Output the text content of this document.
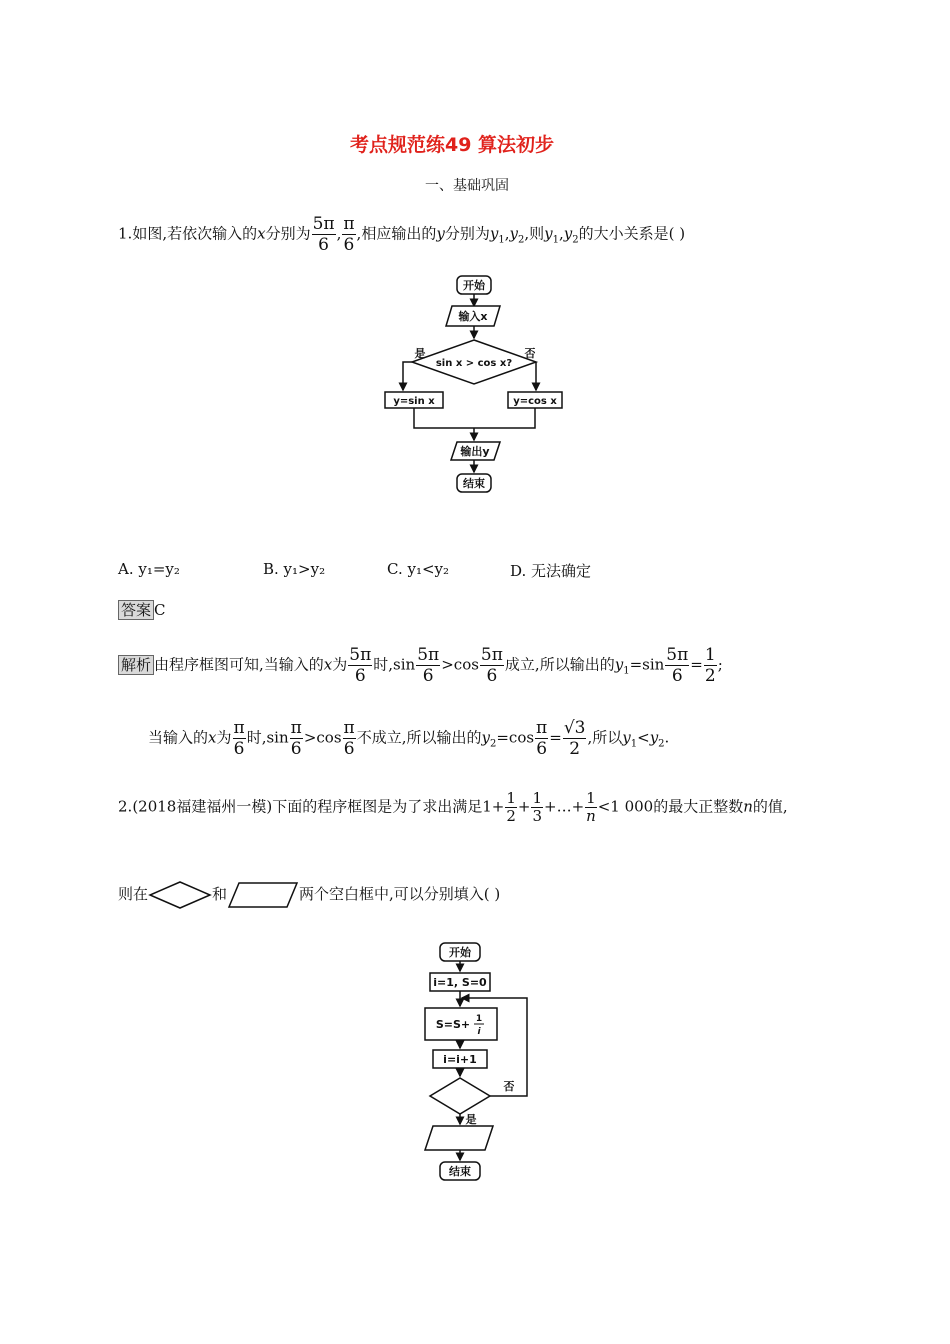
考点规范练49 算法初步
一、基础巩固
1.如图,若依次输入的x分别为 $\frac{5\pi}{6}$ , $\frac{\pi}{6}$ ,相应输出的y分别为$y_1,y_2$,则$y_1,y_2$的大小关系是( )
开始
输入x
sin x > cos x?
是	否
y=sin x	y=cos x
输出y
结束
A. y₁=y₂	B. y₁>y₂	C. y₁<y₂	D. 无法确定
答案 C
解析 由程序框图可知,当输入的x为 $\frac{5\pi}{6}$ 时$,\sin \frac{5\pi}{6} >\cos \frac{5\pi}{6}$ 成立,所以输出的$y_1=\sin \frac{5\pi}{6} = \frac{1}{2}$ ;
当输入的x为 $\frac{\pi}{6}$ 时$,\sin \frac{\pi}{6} >\cos \frac{\pi}{6}$ 不成立,所以输出的$y_2=\cos \frac{\pi}{6} = \frac{√3}{2}$ ,所以$y_1<y_2$.
2.(2018福建福州一模)下面的程序框图是为了求出满足$1+ \frac{1}{2} + \frac{1}{3}$ +…+ $\frac{1}{n} <1$ 000的最大正整数n的值,
则在	和	两个空白框中,可以分别填入( )
开始
i=1, S=0
S=S+ 1
i
i=i+1
否
是
结束
